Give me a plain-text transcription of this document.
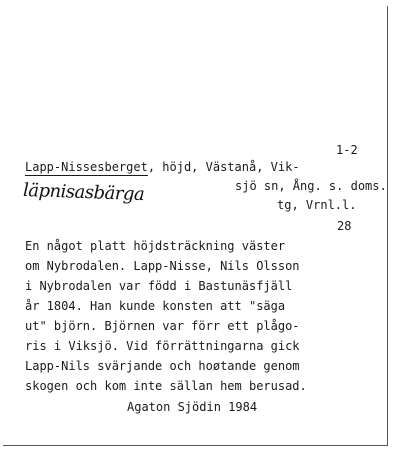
1-2
Lapp-Nissesberget, höjd, Västanå, Vik-
läpnisasbärga	sjö sn, Ång. s. doms.
tg, Vrnl.l.
28
En något platt höjdsträckning väster
om Nybrodalen. Lapp-Nisse, Nils Olsson
i Nybrodalen var född i Bastunäsfjäll
år 1804. Han kunde konsten att "säga
ut" björn. Björnen var förr ett plågo-
ris i Viksjö. Vid förrättningarna gick
Lapp-Nils svärjande och hoøtande genom
skogen och kom inte sällan hem berusad.
Agaton Sjödin 1984
